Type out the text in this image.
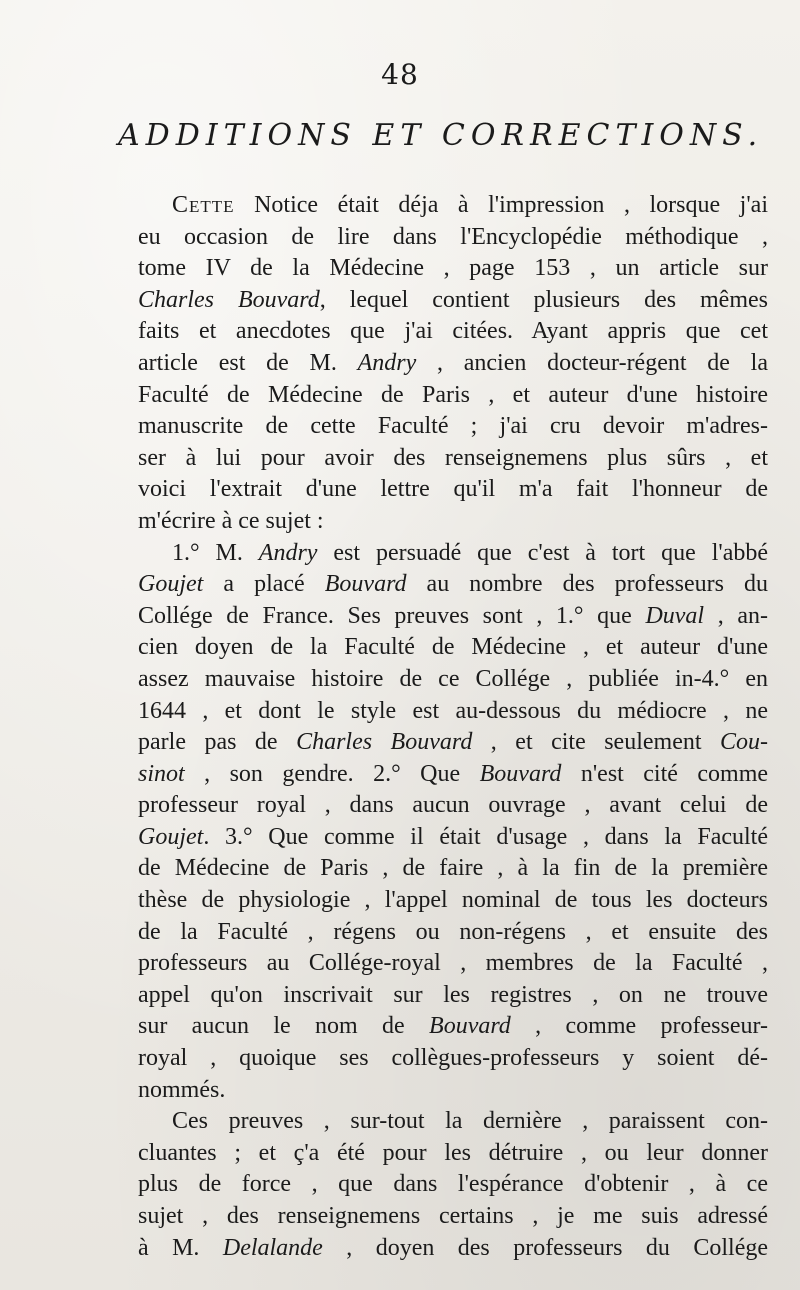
48
ADDITIONS ET CORRECTIONS.
Cette Notice était déja à l'impression , lorsque j'ai
eu occasion de lire dans l'Encyclopédie méthodique ,
tome IV de la Médecine , page 153 , un article sur
Charles Bouvard, lequel contient plusieurs des mêmes
faits et anecdotes que j'ai citées. Ayant appris que cet
article est de M. Andry , ancien docteur-régent de la
Faculté de Médecine de Paris , et auteur d'une histoire
manuscrite de cette Faculté ; j'ai cru devoir m'adres-
ser à lui pour avoir des renseignemens plus sûrs , et
voici l'extrait d'une lettre qu'il m'a fait l'honneur de
m'écrire à ce sujet :
1.° M. Andry est persuadé que c'est à tort que l'abbé
Goujet a placé Bouvard au nombre des professeurs du
Collége de France. Ses preuves sont , 1.° que Duval , an-
cien doyen de la Faculté de Médecine , et auteur d'une
assez mauvaise histoire de ce Collége , publiée in-4.° en
1644 , et dont le style est au-dessous du médiocre , ne
parle pas de Charles Bouvard , et cite seulement Cou-
sinot , son gendre. 2.° Que Bouvard n'est cité comme
professeur royal , dans aucun ouvrage , avant celui de
Goujet. 3.° Que comme il était d'usage , dans la Faculté
de Médecine de Paris , de faire , à la fin de la première
thèse de physiologie , l'appel nominal de tous les docteurs
de la Faculté , régens ou non-régens , et ensuite des
professeurs au Collége-royal , membres de la Faculté ,
appel qu'on inscrivait sur les registres , on ne trouve
sur aucun le nom de Bouvard , comme professeur-
royal , quoique ses collègues-professeurs y soient dé-
nommés.
Ces preuves , sur-tout la dernière , paraissent con-
cluantes ; et ç'a été pour les détruire , ou leur donner
plus de force , que dans l'espérance d'obtenir , à ce
sujet , des renseignemens certains , je me suis adressé
à M. Delalande , doyen des professeurs du Collége
